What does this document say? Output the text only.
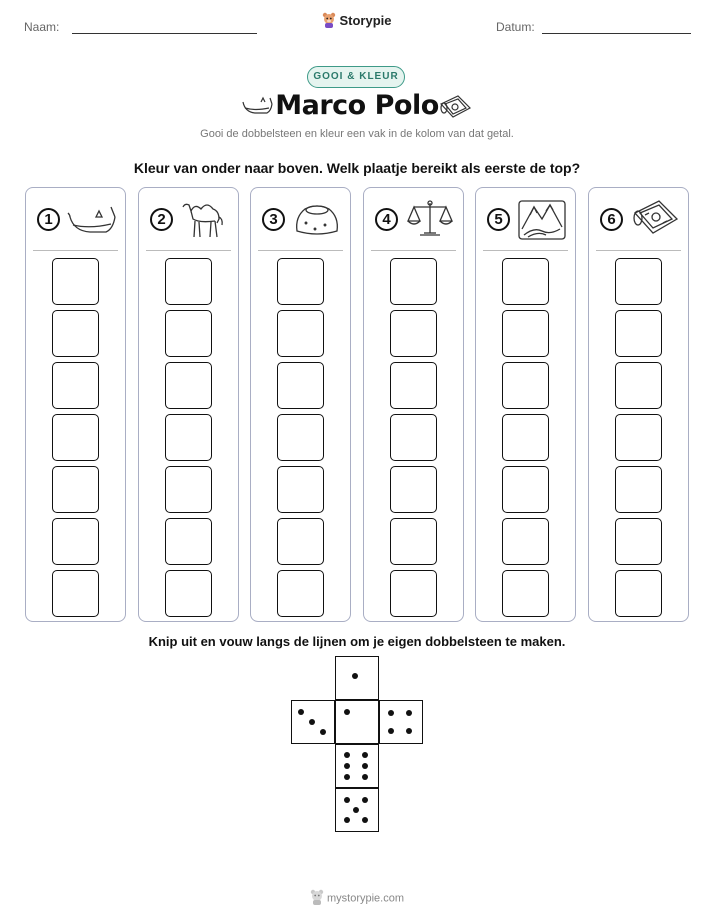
Naam:	Storypie	Datum:
GOOI & KLEUR
Marco Polo
Gooi de dobbelsteen en kleur een vak in de kolom van dat getal.
Kleur van onder naar boven. Welk plaatje bereikt als eerste de top?
1	2	3	4	5	6
Knip uit en vouw langs de lijnen om je eigen dobbelsteen te maken.
mystorypie.com
